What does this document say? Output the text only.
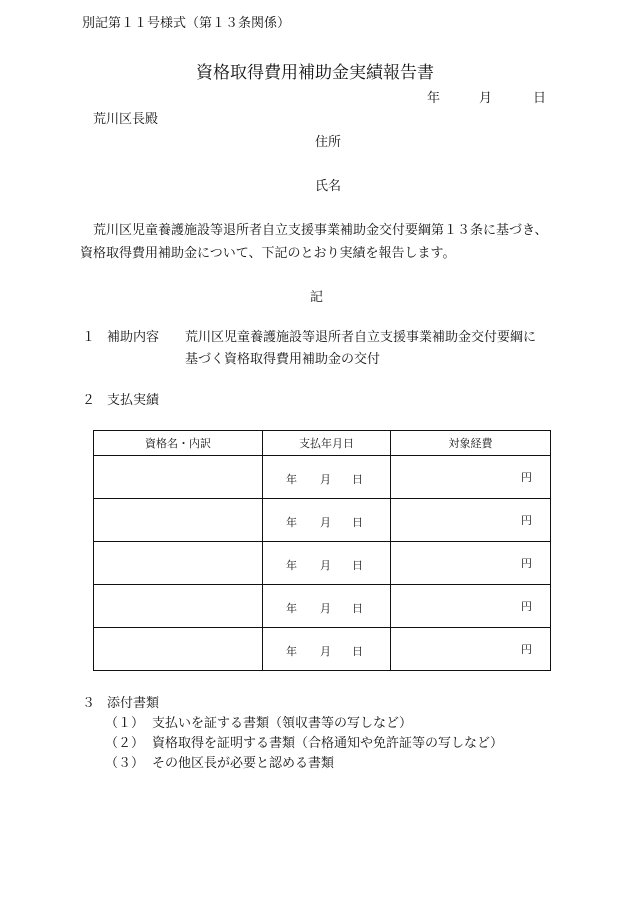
別記第１１号様式（第１３条関係）
資格取得費用補助金実績報告書
年	月	日
荒川区長殿
住所
氏名
荒川区児童養護施設等退所者自立支援事業補助金交付要綱第１３条に基づき、
資格取得費用補助金について、下記のとおり実績を報告します。
記
１ 補助内容 荒川区児童養護施設等退所者自立支援事業補助金交付要綱に
基づく資格取得費用補助金の交付
２ 支払実績
資格名・内訳	支払年月日	対象経費

	年 月 日	円

	年 月 日	円

	年 月 日	円

	年 月 日	円

	年 月 日	円
３ 添付書類
（１） 支払いを証する書類（領収書等の写しなど）
（２） 資格取得を証明する書類（合格通知や免許証等の写しなど）
（３） その他区長が必要と認める書類
